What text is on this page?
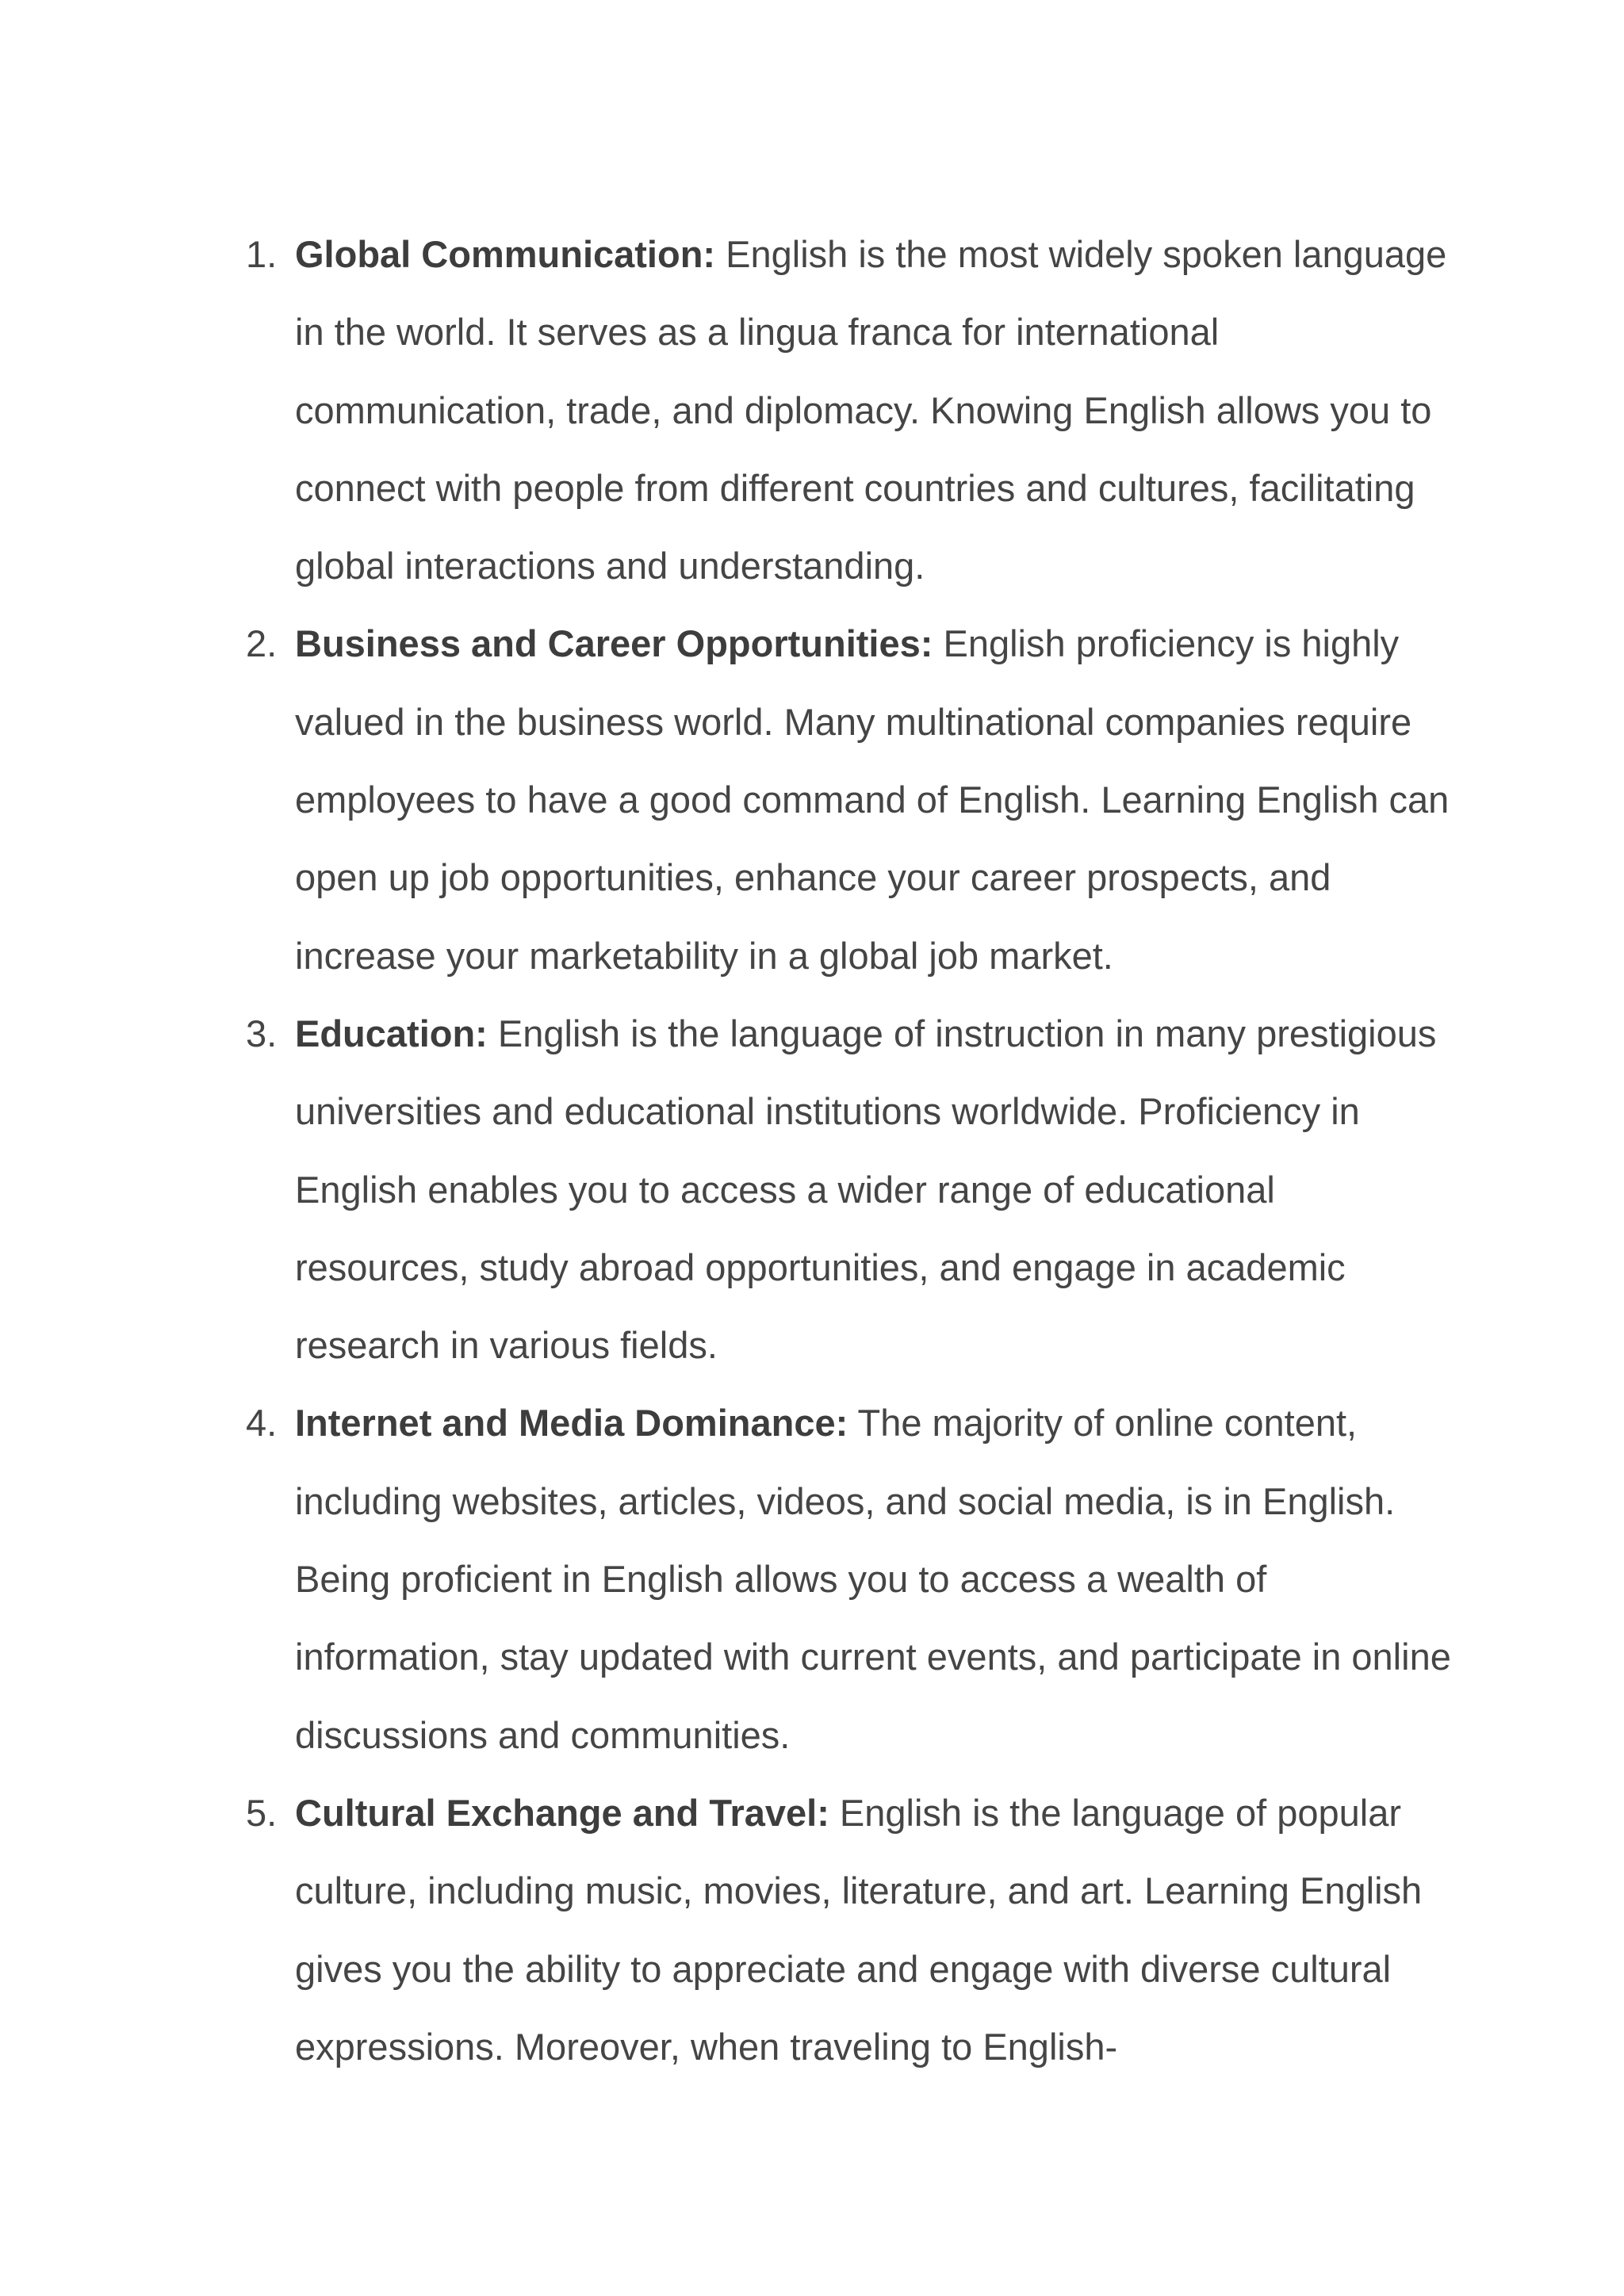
1. Global Communication: English is the most widely spoken language in the world. It serves as a lingua franca for international communication, trade, and diplomacy. Knowing English allows you to connect with people from different countries and cultures, facilitating global interactions and understanding.
2. Business and Career Opportunities: English proficiency is highly valued in the business world. Many multinational companies require employees to have a good command of English. Learning English can open up job opportunities, enhance your career prospects, and increase your marketability in a global job market.
3. Education: English is the language of instruction in many prestigious universities and educational institutions worldwide. Proficiency in English enables you to access a wider range of educational resources, study abroad opportunities, and engage in academic research in various fields.
4. Internet and Media Dominance: The majority of online content, including websites, articles, videos, and social media, is in English. Being proficient in English allows you to access a wealth of information, stay updated with current events, and participate in online discussions and communities.
5. Cultural Exchange and Travel: English is the language of popular culture, including music, movies, literature, and art. Learning English gives you the ability to appreciate and engage with diverse cultural expressions. Moreover, when traveling to English-
